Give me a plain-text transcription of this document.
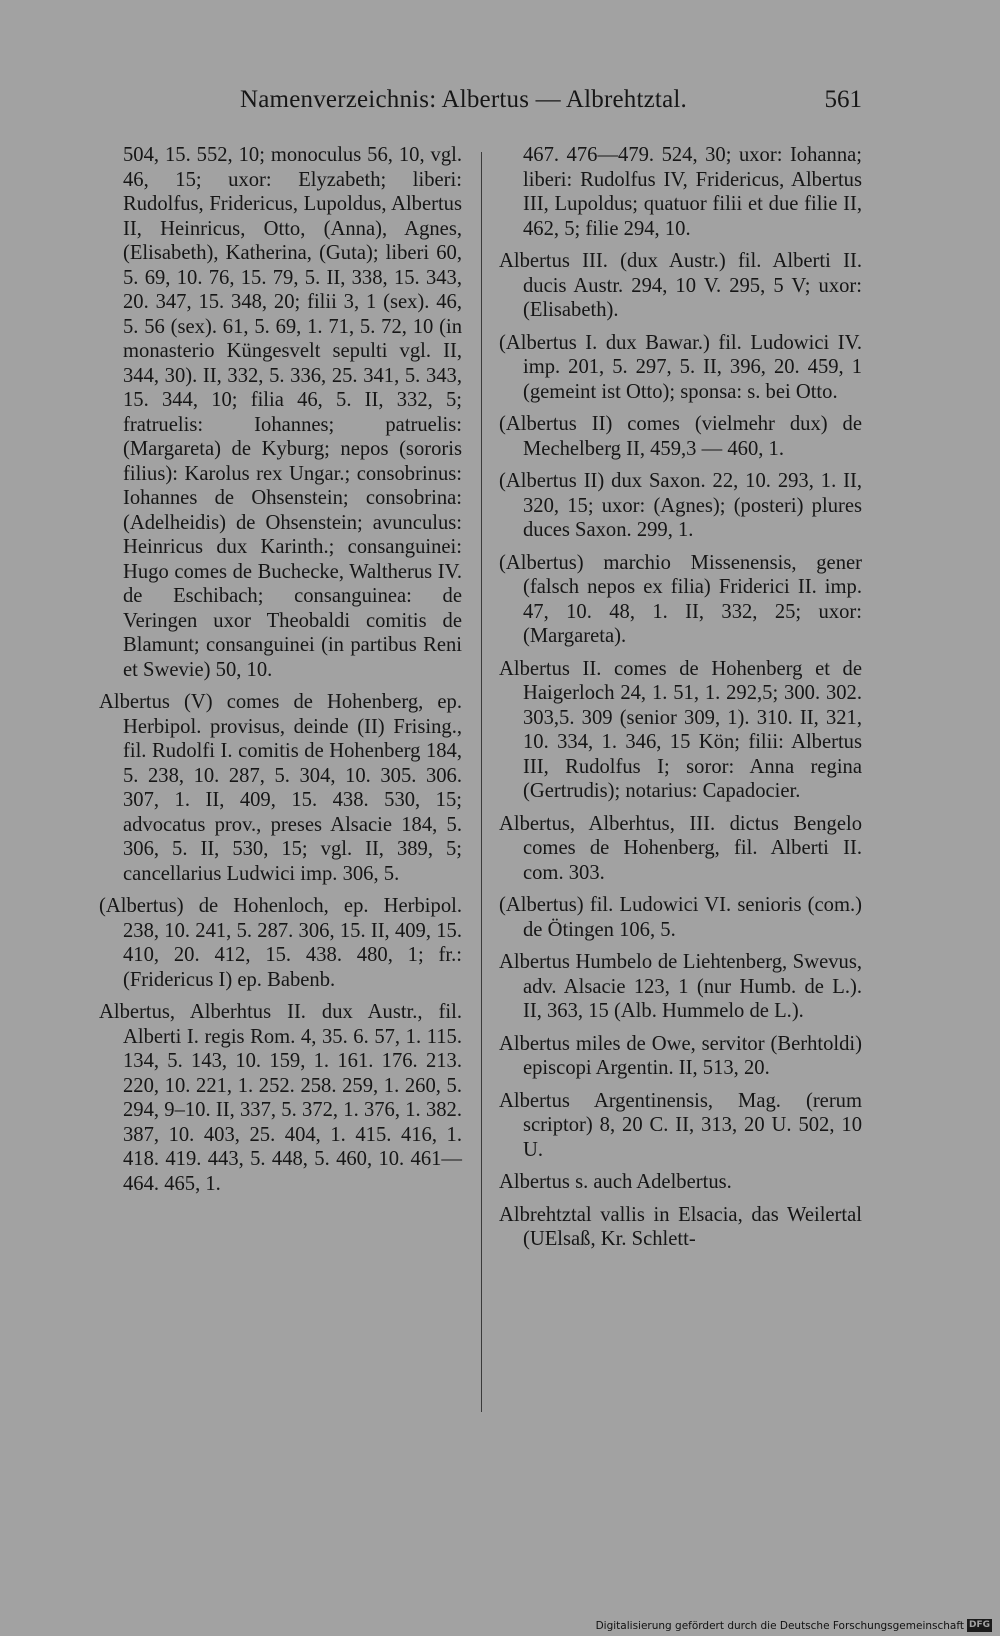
Namenverzeichnis: Albertus — Albrehtztal.	561

504, 15. 552, 10; monoculus 56, 10, vgl. 46, 15; uxor: Elyzabeth; liberi: Rudolfus, Fridericus, Lupoldus, Albertus II, Heinricus, Otto, (Anna), Agnes, (Elisabeth), Katherina, (Guta); liberi 60, 5. 69, 10. 76, 15. 79, 5. II, 338, 15. 343, 20. 347, 15. 348, 20; filii 3, 1 (sex). 46, 5. 56 (sex). 61, 5. 69, 1. 71, 5. 72, 10 (in monasterio Küngesvelt sepulti vgl. II, 344, 30). II, 332, 5. 336, 25. 341, 5. 343, 15. 344, 10; filia 46, 5. II, 332, 5; fratruelis: Iohannes; patruelis: (Margareta) de Kyburg; nepos (sororis filius): Karolus rex Ungar.; consobrinus: Iohannes de Ohsenstein; consobrina: (Adelheidis) de Ohsenstein; avunculus: Heinricus dux Karinth.; consanguinei: Hugo comes de Buchecke, Waltherus IV. de Eschibach; consanguinea: de Veringen uxor Theobaldi comitis de Blamunt; consanguinei (in partibus Reni et Swevie) 50, 10.

Albertus (V) comes de Hohenberg, ep. Herbipol. provisus, deinde (II) Frising., fil. Rudolfi I. comitis de Hohenberg 184, 5. 238, 10. 287, 5. 304, 10. 305. 306. 307, 1. II, 409, 15. 438. 530, 15; advocatus prov., preses Alsacie 184, 5. 306, 5. II, 530, 15; vgl. II, 389, 5; cancellarius Ludwici imp. 306, 5.

(Albertus) de Hohenloch, ep. Herbipol. 238, 10. 241, 5. 287. 306, 15. II, 409, 15. 410, 20. 412, 15. 438. 480, 1; fr.: (Fridericus I) ep. Babenb.

Albertus, Alberhtus II. dux Austr., fil. Alberti I. regis Rom. 4, 35. 6. 57, 1. 115. 134, 5. 143, 10. 159, 1. 161. 176. 213. 220, 10. 221, 1. 252. 258. 259, 1. 260, 5. 294, 9–10. II, 337, 5. 372, 1. 376, 1. 382. 387, 10. 403, 25. 404, 1. 415. 416, 1. 418. 419. 443, 5. 448, 5. 460, 10. 461—464. 465, 1.

467. 476—479. 524, 30; uxor: Iohanna; liberi: Rudolfus IV, Fridericus, Albertus III, Lupoldus; quatuor filii et due filie II, 462, 5; filie 294, 10.

Albertus III. (dux Austr.) fil. Alberti II. ducis Austr. 294, 10 V. 295, 5 V; uxor: (Elisabeth).

(Albertus I. dux Bawar.) fil. Ludowici IV. imp. 201, 5. 297, 5. II, 396, 20. 459, 1 (gemeint ist Otto); sponsa: s. bei Otto.

(Albertus II) comes (vielmehr dux) de Mechelberg II, 459,3 — 460, 1.

(Albertus II) dux Saxon. 22, 10. 293, 1. II, 320, 15; uxor: (Agnes); (posteri) plures duces Saxon. 299, 1.

(Albertus) marchio Missenensis, gener (falsch nepos ex filia) Friderici II. imp. 47, 10. 48, 1. II, 332, 25; uxor: (Margareta).

Albertus II. comes de Hohenberg et de Haigerloch 24, 1. 51, 1. 292,5; 300. 302. 303,5. 309 (senior 309, 1). 310. II, 321, 10. 334, 1. 346, 15 Kön; filii: Albertus III, Rudolfus I; soror: Anna regina (Gertrudis); notarius: Capadocier.

Albertus, Alberhtus, III. dictus Bengelo comes de Hohenberg, fil. Alberti II. com. 303.

(Albertus) fil. Ludowici VI. senioris (com.) de Ötingen 106, 5.

Albertus Humbelo de Liehtenberg, Swevus, adv. Alsacie 123, 1 (nur Humb. de L.). II, 363, 15 (Alb. Hummelo de L.).

Albertus miles de Owe, servitor (Berhtoldi) episcopi Argentin. II, 513, 20.

Albertus Argentinensis, Mag. (rerum scriptor) 8, 20 C. II, 313, 20 U. 502, 10 U.

Albertus s. auch Adelbertus.

Albrehtztal vallis in Elsacia, das Weilertal (UElsaß, Kr. Schlett-

Digitalisierung gefördert durch die Deutsche Forschungsgemeinschaft DFG
